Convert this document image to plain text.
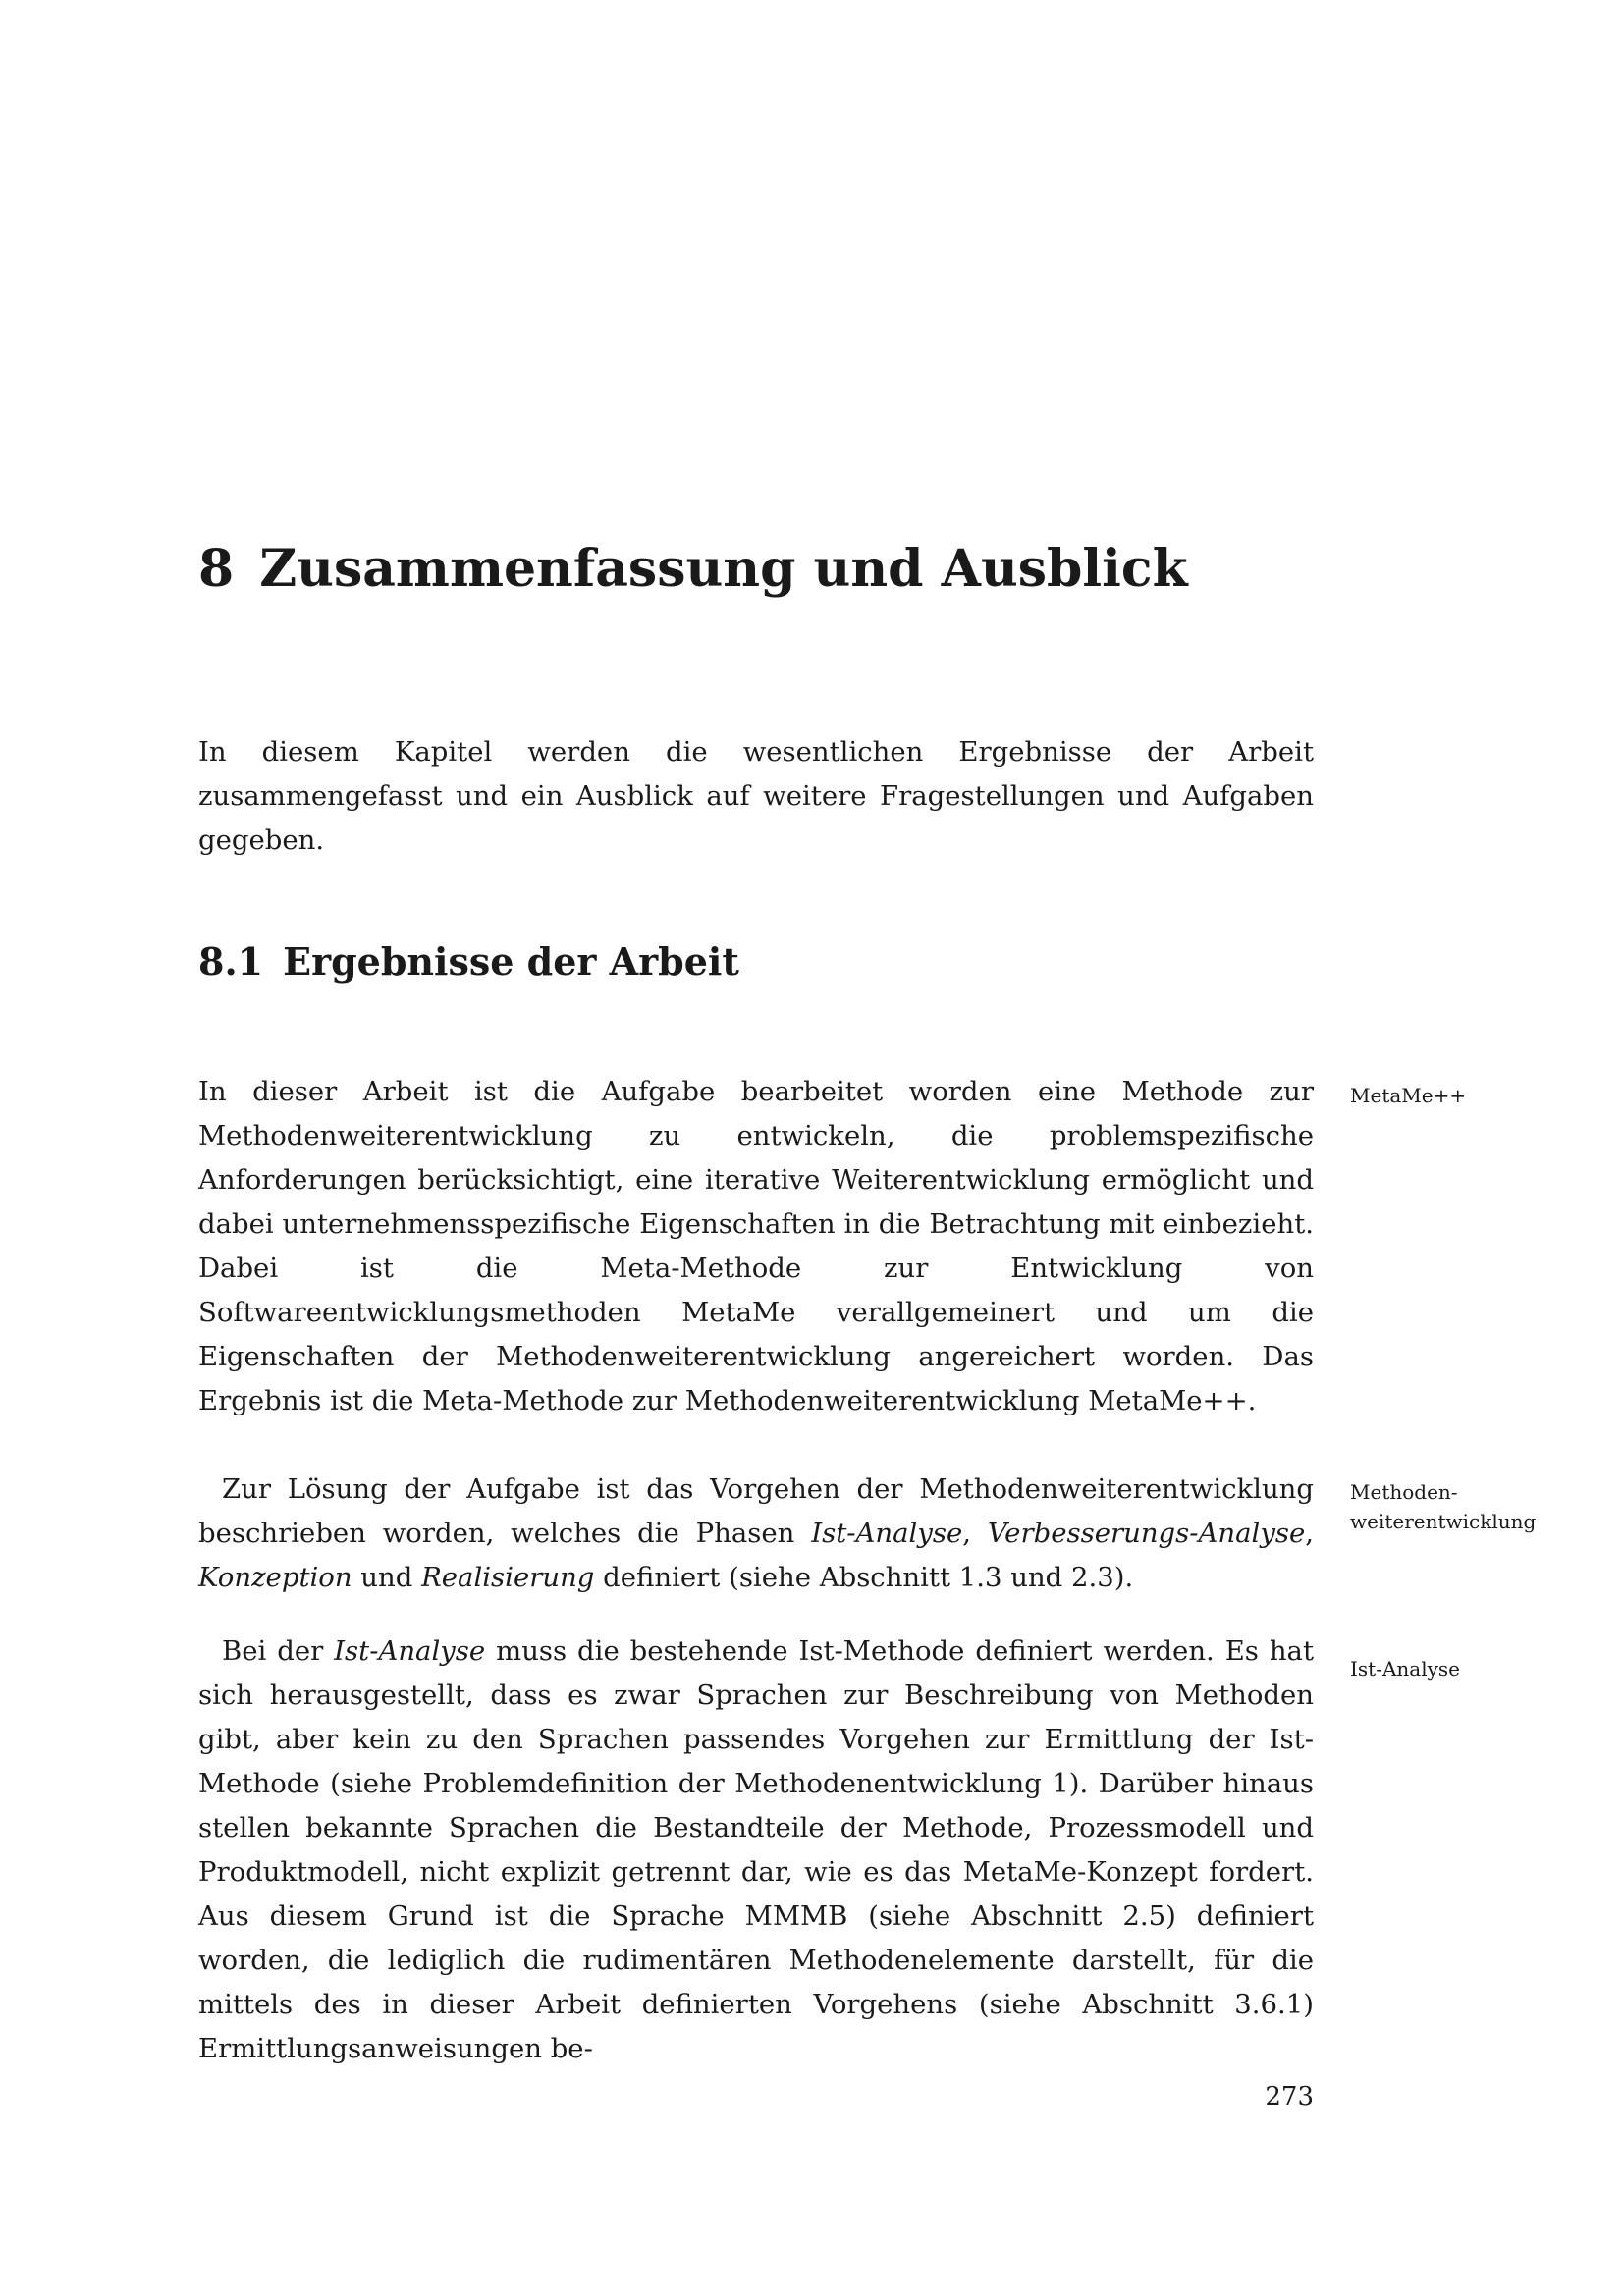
8 Zusammenfassung und Ausblick

In diesem Kapitel werden die wesentlichen Ergebnisse der Arbeit zusammengefasst und ein Ausblick auf weitere Fragestellungen und Aufgaben gegeben.

8.1 Ergebnisse der Arbeit

In dieser Arbeit ist die Aufgabe bearbeitet worden eine Methode zur Methodenweiterentwicklung zu entwickeln, die problemspezifische Anforderungen berücksichtigt, eine iterative Weiterentwicklung ermöglicht und dabei unternehmensspezifische Eigenschaften in die Betrachtung mit einbezieht. Dabei ist die Meta-Methode zur Entwicklung von Softwareentwicklungsmethoden MetaMe verallgemeinert und um die Eigenschaften der Methodenweiterentwicklung angereichert worden. Das Ergebnis ist die Meta-Methode zur Methodenweiterentwicklung MetaMe++.

Zur Lösung der Aufgabe ist das Vorgehen der Methodenweiterentwicklung beschrieben worden, welches die Phasen Ist-Analyse, Verbesserungs-Analyse, Konzeption und Realisierung definiert (siehe Abschnitt 1.3 und 2.3).

Bei der Ist-Analyse muss die bestehende Ist-Methode definiert werden. Es hat sich herausgestellt, dass es zwar Sprachen zur Beschreibung von Methoden gibt, aber kein zu den Sprachen passendes Vorgehen zur Ermittlung der Ist-Methode (siehe Problemdefinition der Methodenentwicklung 1). Darüber hinaus stellen bekannte Sprachen die Bestandteile der Methode, Prozessmodell und Produktmodell, nicht explizit getrennt dar, wie es das MetaMe-Konzept fordert. Aus diesem Grund ist die Sprache MMMB (siehe Abschnitt 2.5) definiert worden, die lediglich die rudimentären Methodenelemente darstellt, für die mittels des in dieser Arbeit definierten Vorgehens (siehe Abschnitt 3.6.1) Ermittlungsanweisungen be-

MetaMe++
Methoden-
weiterentwicklung
Ist-Analyse
273
